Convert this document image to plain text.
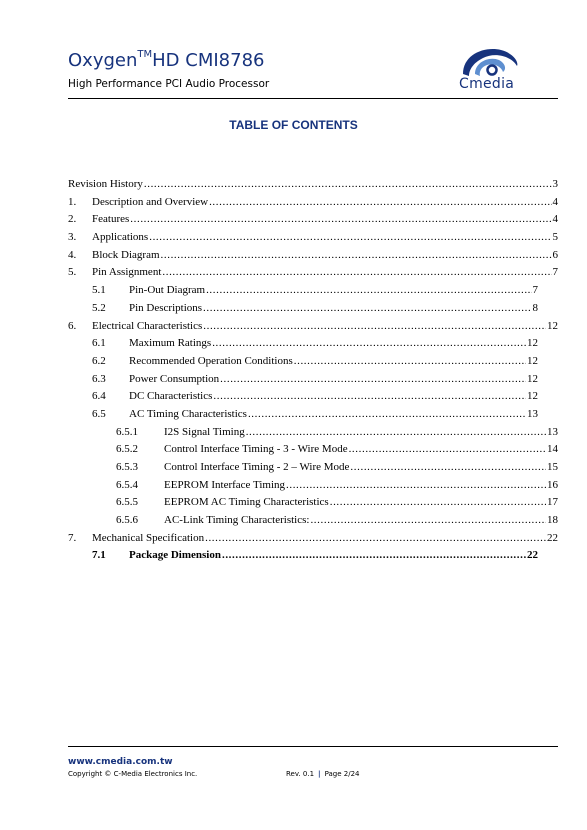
Oxygen™HD CMI8786
High Performance PCI Audio Processor	Cmedia
TABLE OF CONTENTS
Revision History .....	3
1.	Description and Overview .....	4
2.	Features .....	4
3.	Applications .....	5
4.	Block Diagram .....	6
5.	Pin Assignment .....	7
5.1	Pin-Out Diagram .....	7
5.2	Pin Descriptions .....	8
6.	Electrical Characteristics .....	12
6.1	Maximum Ratings .....	12
6.2	Recommended Operation Conditions .....	12
6.3	Power Consumption .....	12
6.4	DC Characteristics .....	12
6.5	AC Timing Characteristics .....	13
6.5.1	I2S Signal Timing .....	13
6.5.2	Control Interface Timing - 3 - Wire Mode .....	14
6.5.3	Control Interface Timing - 2 – Wire Mode .....	15
6.5.4	EEPROM Interface Timing .....	16
6.5.5	EEPROM AC Timing Characteristics .....	17
6.5.6	AC-Link Timing Characteristics: .....	18
7.	Mechanical Specification .....	22
7.1	Package Dimension .....	22
www.cmedia.com.tw
Copyright © C-Media Electronics Inc.	Rev. 0.1 | Page 2/24
